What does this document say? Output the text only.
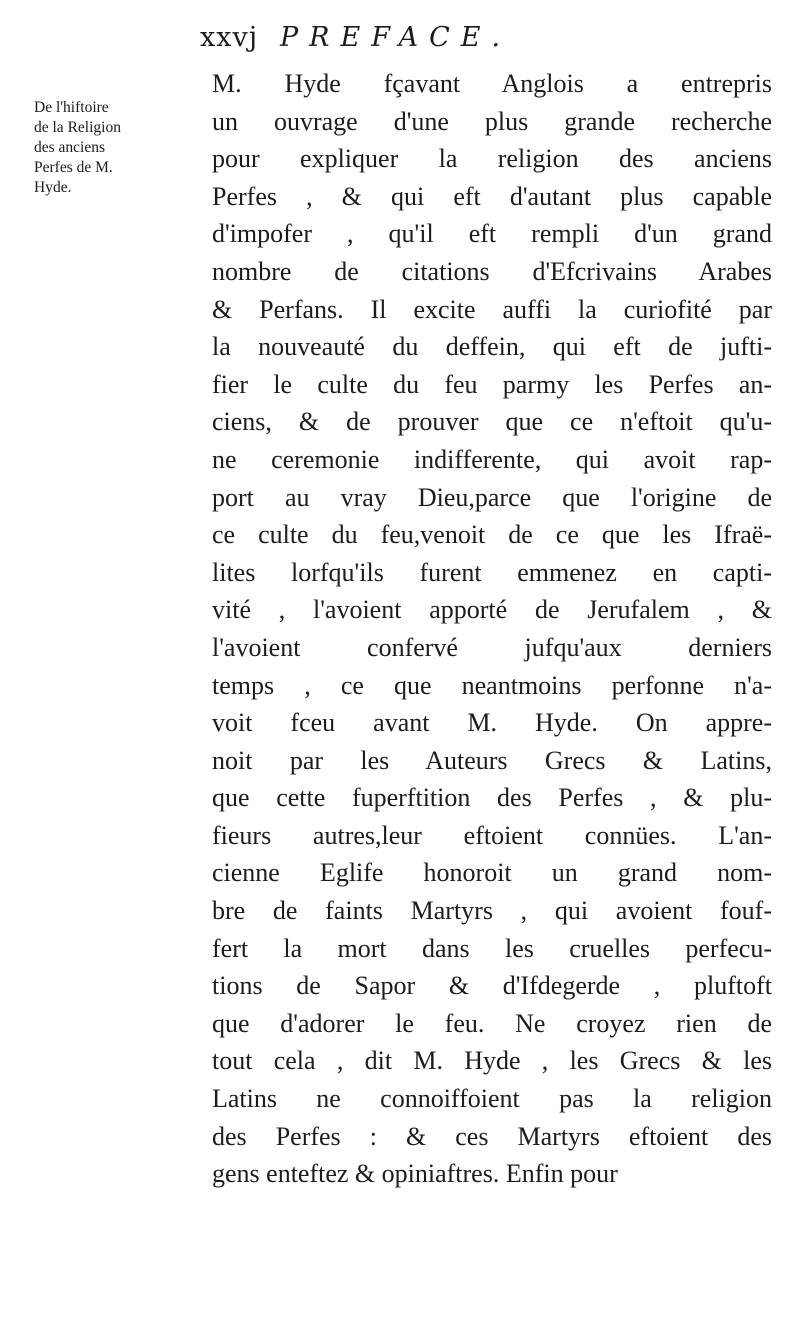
xxvj PREFACE.
De l'hiftoire
de la Religion
des anciens
Perfes de M.
Hyde.
M. Hyde fçavant Anglois a entrepris
un ouvrage d'une plus grande recherche
pour expliquer la religion des anciens
Perfes , & qui eft d'autant plus capable
d'impofer , qu'il eft rempli d'un grand
nombre de citations d'Efcrivains Arabes
& Perfans. Il excite auffi la curiofité par
la nouveauté du deffein, qui eft de jufti-
fier le culte du feu parmy les Perfes an-
ciens, & de prouver que ce n'eftoit qu'u-
ne ceremonie indifferente, qui avoit rap-
port au vray Dieu,parce que l'origine de
ce culte du feu,venoit de ce que les Ifraë-
lites lorfqu'ils furent emmenez en capti-
vité , l'avoient apporté de Jerufalem , &
l'avoient confervé jufqu'aux derniers
temps , ce que neantmoins perfonne n'a-
voit fceu avant M. Hyde. On appre-
noit par les Auteurs Grecs & Latins,
que cette fuperftition des Perfes , & plu-
fieurs autres,leur eftoient connües. L'an-
cienne Eglife honoroit un grand nom-
bre de faints Martyrs , qui avoient fouf-
fert la mort dans les cruelles perfecu-
tions de Sapor & d'Ifdegerde , pluftoft
que d'adorer le feu. Ne croyez rien de
tout cela , dit M. Hyde , les Grecs & les
Latins ne connoiffoient pas la religion
des Perfes : & ces Martyrs eftoient des
gens enteftez & opiniaftres. Enfin pour
